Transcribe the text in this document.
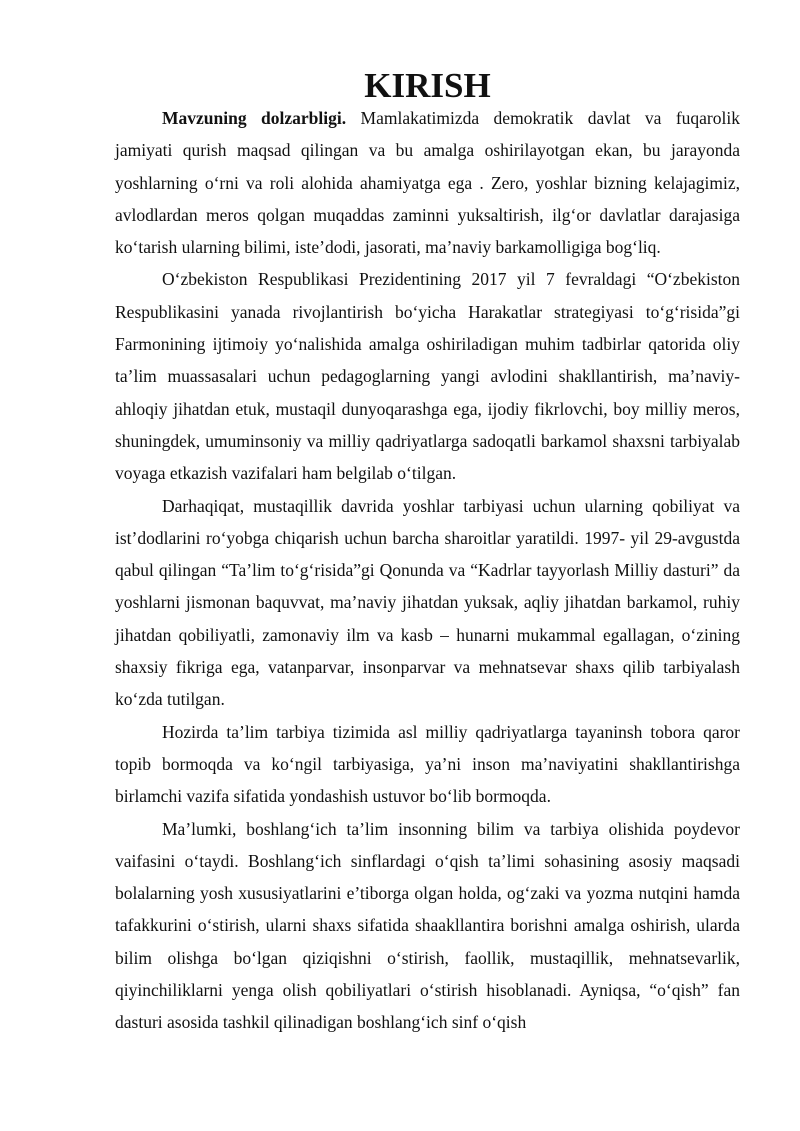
KIRISH

Mavzuning dolzarbligi. Mamlakatimizda demokratik davlat va fuqarolik jamiyati qurish maqsad qilingan va bu amalga oshirilayotgan ekan, bu jarayonda yoshlarning o‘rni va roli alohida ahamiyatga ega . Zero, yoshlar bizning kelajagimiz, avlodlardan meros qolgan muqaddas zaminni yuksaltirish, ilg‘or davlatlar darajasiga ko‘tarish ularning bilimi, iste’dodi, jasorati, ma’naviy barkamolligiga bog‘liq.

O‘zbekiston Respublikasi Prezidentining 2017 yil 7 fevraldagi “O‘zbekiston Respublikasini yanada rivojlantirish bo‘yicha Harakatlar strategiyasi to‘g‘risida”gi Farmonining ijtimoiy yo‘nalishida amalga oshiriladigan muhim tadbirlar qatorida oliy ta’lim muassasalari uchun pedagoglarning yangi avlodini shakllantirish, ma’naviy-ahloqiy jihatdan etuk, mustaqil dunyoqarashga ega, ijodiy fikrlovchi, boy milliy meros, shuningdek, umuminsoniy va milliy qadriyatlarga sadoqatli barkamol shaxsni tarbiyalab voyaga etkazish vazifalari ham belgilab o‘tilgan.

Darhaqiqat, mustaqillik davrida yoshlar tarbiyasi uchun ularning qobiliyat va ist’dodlarini ro‘yobga chiqarish uchun barcha sharoitlar yaratildi. 1997- yil 29-avgustda qabul qilingan “Ta’lim to‘g‘risida”gi Qonunda va “Kadrlar tayyorlash Milliy dasturi” da yoshlarni jismonan baquvvat, ma’naviy jihatdan yuksak, aqliy jihatdan barkamol, ruhiy jihatdan qobiliyatli, zamonaviy ilm va kasb – hunarni mukammal egallagan, o‘zining shaxsiy fikriga ega, vatanparvar, insonparvar va mehnatsevar shaxs qilib tarbiyalash ko‘zda tutilgan.

Hozirda ta’lim tarbiya tizimida asl milliy qadriyatlarga tayaninsh tobora qaror topib bormoqda va ko‘ngil tarbiyasiga, ya’ni inson ma’naviyatini shakllantirishga birlamchi vazifa sifatida yondashish ustuvor bo‘lib bormoqda.

Ma’lumki, boshlang‘ich ta’lim insonning bilim va tarbiya olishida poydevor vaifasini o‘taydi. Boshlang‘ich sinflardagi o‘qish ta’limi sohasining asosiy maqsadi bolalarning yosh xususiyatlarini e’tiborga olgan holda, og‘zaki va yozma nutqini hamda tafakkurini o‘stirish, ularni shaxs sifatida shaakllantira borishni amalga oshirish, ularda bilim olishga bo‘lgan qiziqishni o‘stirish, faollik, mustaqillik, mehnatsevarlik, qiyinchiliklarni yenga olish qobiliyatlari o‘stirish hisoblanadi. Ayniqsa, “o‘qish” fan dasturi asosida tashkil qilinadigan boshlang‘ich sinf o‘qish
